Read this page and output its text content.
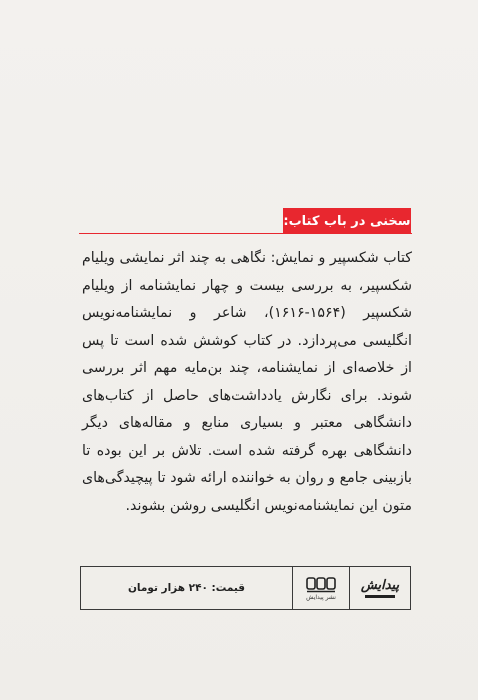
سخنی در باب کتاب:

کتاب شکسپیر و نمایش: نگاهی به چند اثر نمایشی ویلیام شکسپیر، به بررسی بیست و چهار نمایشنامه از ویلیام شکسپیر (۱۵۶۴-۱۶۱۶)، شاعر و نمایشنامه‌نویس انگلیسی می‌پردازد. در کتاب کوشش شده است تا پس از خلاصه‌ای از نمایشنامه، چند بن‌مایه مهم اثر بررسی شوند. برای نگارش یادداشت‌های حاصل از کتاب‌های دانشگاهی معتبر و بسیاری منابع و مقاله‌های دیگر دانشگاهی بهره گرفته شده است. تلاش بر این بوده تا بازبینی جامع و روان به خواننده ارائه شود تا پیچیدگی‌های متون این نمایشنامه‌نویس انگلیسی روشن بشوند.

پیدایش
نشر پیدایش
قیمت: ۲۴۰ هزار تومان
